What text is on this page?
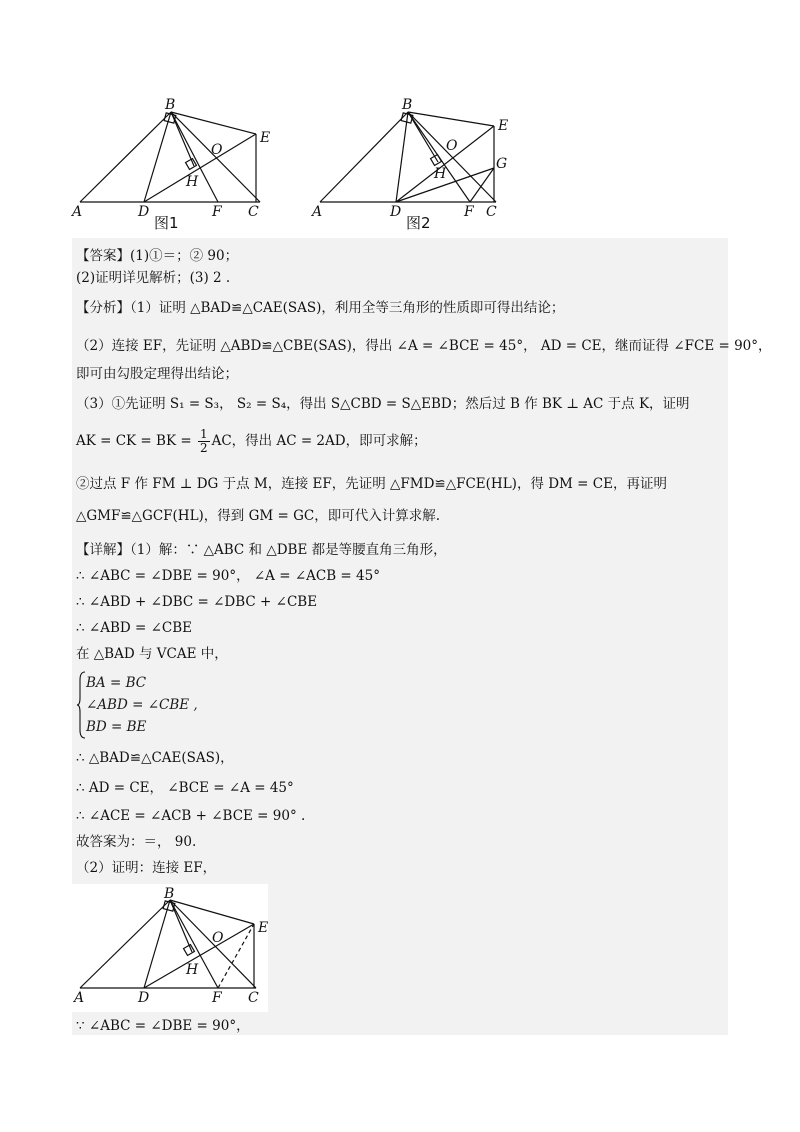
B
A	D	F C
E
O
H
图1
B
A	D	F C
E
G
O
H
图2
【答案】(1)①＝；② 90；
(2)证明详见解析；(3) 2 .
【分析】（1）证明 △BAD≌△CAE(SAS)，利用全等三角形的性质即可得出结论；
（2）连接 EF，先证明 △ABD≌△CBE(SAS)，得出 ∠A = ∠BCE = 45°， AD = CE，继而证得 ∠FCE = 90°，
即可由勾股定理得出结论；
（3）①先证明 S₁ = S₃， S₂ = S₄，得出 S△CBD = S△EBD；然后过 B 作 BK ⊥ AC 于点 K，证明
AK = CK = BK = $\frac{1}{2}$ AC，得出 AC = 2AD，即可求解；
②过点 F 作 FM ⊥ DG 于点 M，连接 EF，先证明 △FMD≌△FCE(HL)，得 DM = CE，再证明
△GMF≌△GCF(HL)，得到 GM = GC，即可代入计算求解.
【详解】（1）解：∵ △ABC 和 △DBE 都是等腰直角三角形，
∴ ∠ABC = ∠DBE = 90°， ∠A = ∠ACB = 45°
∴ ∠ABD + ∠DBC = ∠DBC + ∠CBE
∴ ∠ABD = ∠CBE
在 △BAD 与 VCAE 中，
BA = BC
∠ABD = ∠CBE ,
BD = BE
∴ △BAD≌△CAE(SAS)，
∴ AD = CE， ∠BCE = ∠A = 45°
∴ ∠ACE = ∠ACB + ∠BCE = 90° .
故答案为：＝， 90.
（2）证明：连接 EF，
B
A	D	F C
E
O
H
∵ ∠ABC = ∠DBE = 90°，
